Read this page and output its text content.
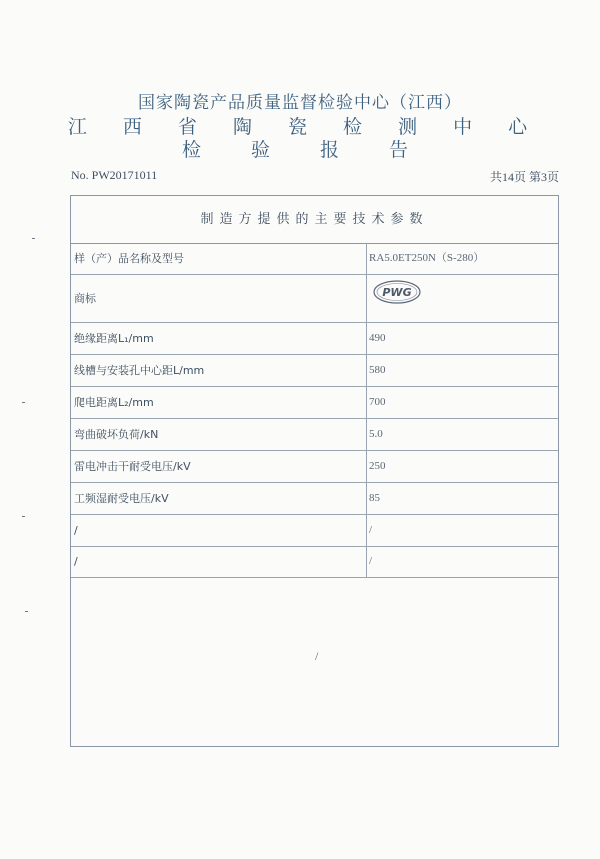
国家陶瓷产品质量监督检验中心（江西）
江 西 省 陶 瓷 检 测 中 心
检 验 报 告
No. PW20171011	共14页 第3页
制造方提供的主要技术参数
样（产）品名称及型号	RA5.0ET250N（S-280）
商标	PWG
绝缘距离L₁/mm	490
线槽与安装孔中心距L/mm	580
爬电距离L₂/mm	700
弯曲破坏负荷/kN	5.0
雷电冲击干耐受电压/kV	250
工频湿耐受电压/kV	85
/	/
/	/
/
